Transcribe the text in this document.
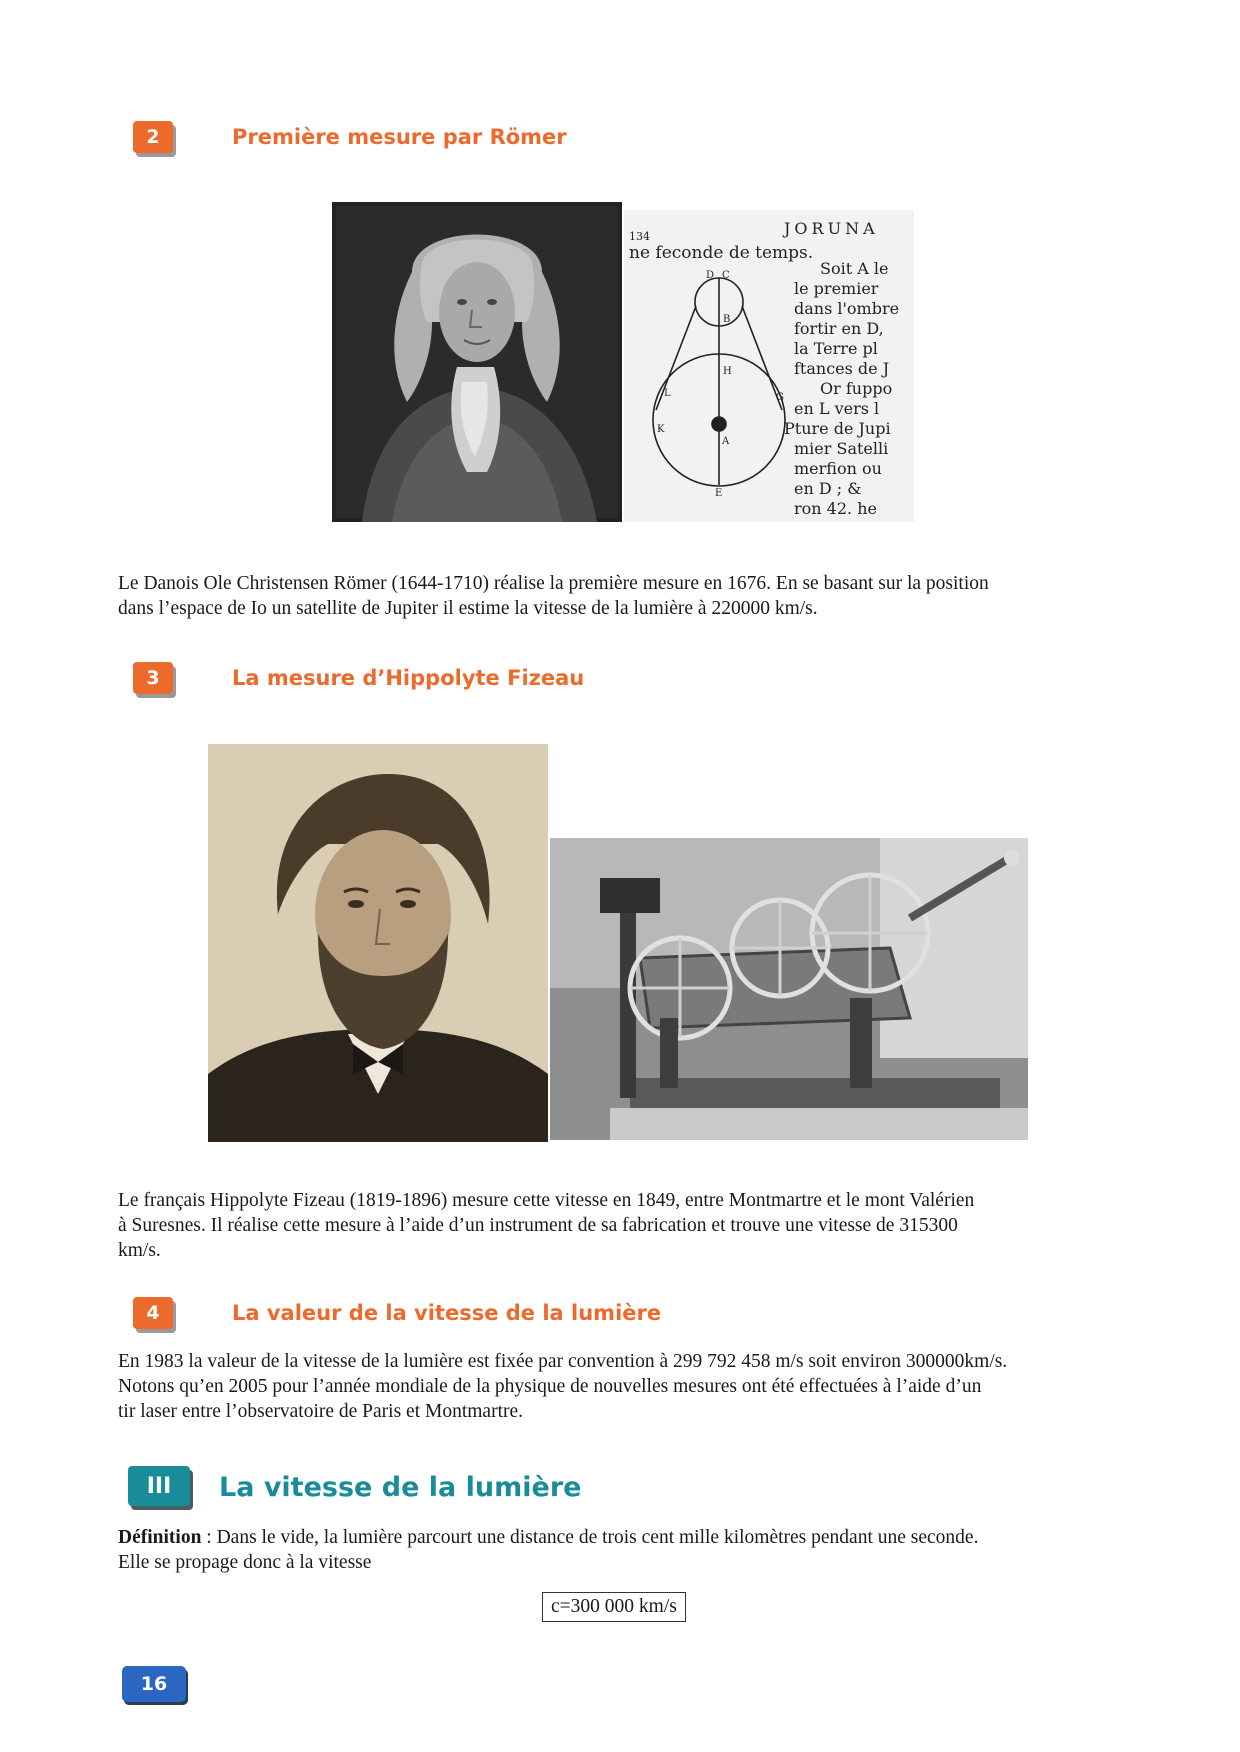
2	Première mesure par Römer
JORUNA
134
ne feconde de temps.
Soit A le
le premier
dans l'ombre
fortir en D,
la Terre pl
ftances de J
Or fuppo
en L vers l
Pture de Jupi
mier Satelli
merfion ou
en D ; &
ron 42. he
D C
B
H
L	G
K
A
E
Le Danois Ole Christensen Römer (1644-1710) réalise la première mesure en 1676. En se basant sur la position
dans l’espace de Io un satellite de Jupiter il estime la vitesse de la lumière à 220000 km/s.
3	La mesure d’Hippolyte Fizeau
Le français Hippolyte Fizeau (1819-1896) mesure cette vitesse en 1849, entre Montmartre et le mont Valérien
à Suresnes. Il réalise cette mesure à l’aide d’un instrument de sa fabrication et trouve une vitesse de 315300
km/s.
4	La valeur de la vitesse de la lumière
En 1983 la valeur de la vitesse de la lumière est fixée par convention à 299 792 458 m/s soit environ 300000km/s.
Notons qu’en 2005 pour l’année mondiale de la physique de nouvelles mesures ont été effectuées à l’aide d’un
tir laser entre l’observatoire de Paris et Montmartre.
III	La vitesse de la lumière
Définition : Dans le vide, la lumière parcourt une distance de trois cent mille kilomètres pendant une seconde.
Elle se propage donc à la vitesse
c=300 000 km/s
16
